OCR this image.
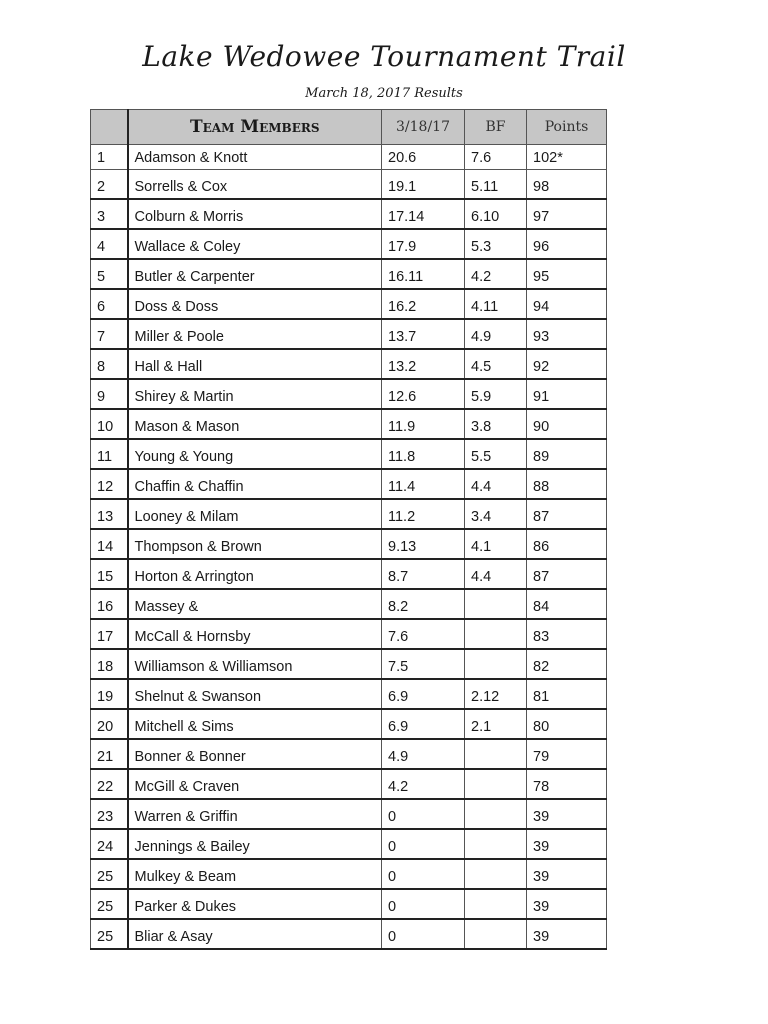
Lake Wedowee Tournament Trail
March 18, 2017 Results
	Team Members	3/18/17	BF	Points
1	Adamson & Knott	20.6	7.6	102*
2	Sorrells & Cox	19.1	5.11	98
3	Colburn & Morris	17.14	6.10	97
4	Wallace & Coley	17.9	5.3	96
5	Butler & Carpenter	16.11	4.2	95
6	Doss & Doss	16.2	4.11	94
7	Miller & Poole	13.7	4.9	93
8	Hall & Hall	13.2	4.5	92
9	Shirey & Martin	12.6	5.9	91
10	Mason & Mason	11.9	3.8	90
11	Young & Young	11.8	5.5	89
12	Chaffin & Chaffin	11.4	4.4	88
13	Looney & Milam	11.2	3.4	87
14	Thompson & Brown	9.13	4.1	86
15	Horton & Arrington	8.7	4.4	87
16	Massey &	8.2		84
17	McCall & Hornsby	7.6		83
18	Williamson & Williamson	7.5		82
19	Shelnut & Swanson	6.9	2.12	81
20	Mitchell & Sims	6.9	2.1	80
21	Bonner & Bonner	4.9		79
22	McGill & Craven	4.2		78
23	Warren & Griffin	0		39
24	Jennings & Bailey	0		39
25	Mulkey & Beam	0		39
25	Parker & Dukes	0		39
25	Bliar & Asay	0		39
